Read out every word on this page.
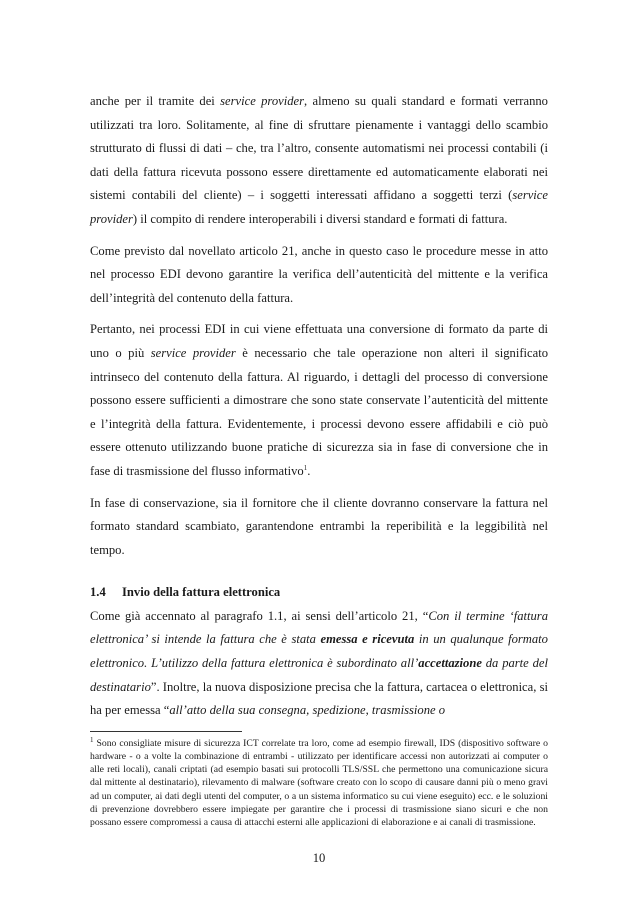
anche per il tramite dei service provider, almeno su quali standard e formati verranno utilizzati tra loro. Solitamente, al fine di sfruttare pienamente i vantaggi dello scambio strutturato di flussi di dati – che, tra l’altro, consente automatismi nei processi contabili (i dati della fattura ricevuta possono essere direttamente ed automaticamente elaborati nei sistemi contabili del cliente) – i soggetti interessati affidano a soggetti terzi (service provider) il compito di rendere interoperabili i diversi standard e formati di fattura.

Come previsto dal novellato articolo 21, anche in questo caso le procedure messe in atto nel processo EDI devono garantire la verifica dell’autenticità del mittente e la verifica dell’integrità del contenuto della fattura.

Pertanto, nei processi EDI in cui viene effettuata una conversione di formato da parte di uno o più service provider è necessario che tale operazione non alteri il significato intrinseco del contenuto della fattura. Al riguardo, i dettagli del processo di conversione possono essere sufficienti a dimostrare che sono state conservate l’autenticità del mittente e l’integrità della fattura. Evidentemente, i processi devono essere affidabili e ciò può essere ottenuto utilizzando buone pratiche di sicurezza sia in fase di conversione che in fase di trasmissione del flusso informativo$^1$.

In fase di conservazione, sia il fornitore che il cliente dovranno conservare la fattura nel formato standard scambiato, garantendone entrambi la reperibilità e la leggibilità nel tempo.

1.4 Invio della fattura elettronica

Come già accennato al paragrafo 1.1, ai sensi dell’articolo 21, “Con il termine ‘fattura elettronica’ si intende la fattura che è stata emessa e ricevuta in un qualunque formato elettronico. L’utilizzo della fattura elettronica è subordinato all’accettazione da parte del destinatario”. Inoltre, la nuova disposizione precisa che la fattura, cartacea o elettronica, si ha per emessa “all’atto della sua consegna, spedizione, trasmissione o

$^1$ Sono consigliate misure di sicurezza ICT correlate tra loro, come ad esempio firewall, IDS (dispositivo software o hardware - o a volte la combinazione di entrambi - utilizzato per identificare accessi non autorizzati ai computer o alle reti locali), canali criptati (ad esempio basati sui protocolli TLS/SSL che permettono una comunicazione sicura dal mittente al destinatario), rilevamento di malware (software creato con lo scopo di causare danni più o meno gravi ad un computer, ai dati degli utenti del computer, o a un sistema informatico su cui viene eseguito) ecc. e le soluzioni di prevenzione dovrebbero essere impiegate per garantire che i processi di trasmissione siano sicuri e che non possano essere compromessi a causa di attacchi esterni alle applicazioni di elaborazione e ai canali di trasmissione.

10
